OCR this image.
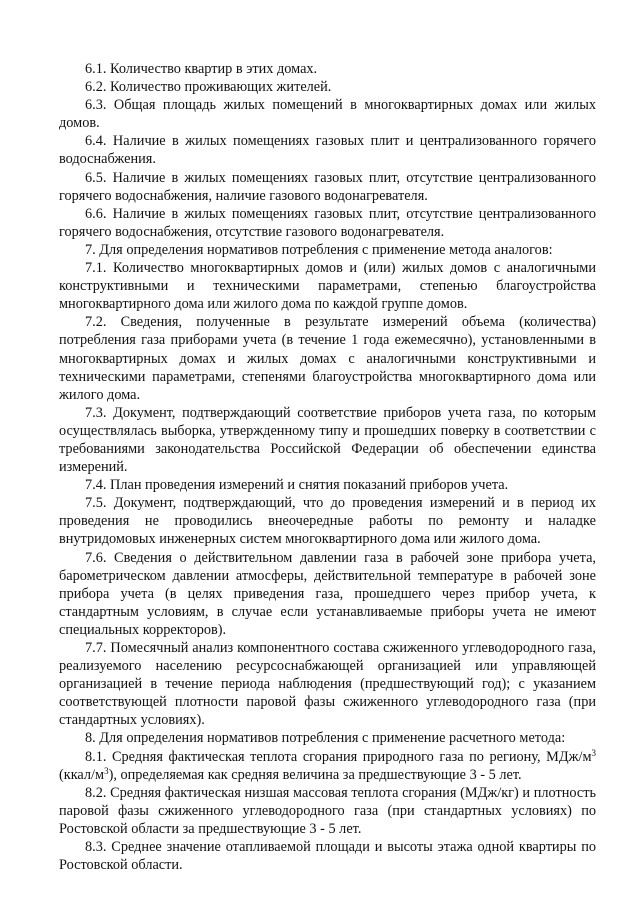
6.1. Количество квартир в этих домах.

6.2. Количество проживающих жителей.

6.3. Общая площадь жилых помещений в многоквартирных домах или жилых домов.

6.4. Наличие в жилых помещениях газовых плит и централизованного горячего водоснабжения.

6.5. Наличие в жилых помещениях газовых плит, отсутствие централизованного горячего водоснабжения, наличие газового водонагревателя.

6.6. Наличие в жилых помещениях газовых плит, отсутствие централизованного горячего водоснабжения, отсутствие газового водонагревателя.

7. Для определения нормативов потребления с применение метода аналогов:

7.1. Количество многоквартирных домов и (или) жилых домов с аналогичными конструктивными и техническими параметрами, степенью благоустройства многоквартирного дома или жилого дома по каждой группе домов.

7.2. Сведения, полученные в результате измерений объема (количества) потребления газа приборами учета (в течение 1 года ежемесячно), установленными в многоквартирных домах и жилых домах с аналогичными конструктивными и техническими параметрами, степенями благоустройства многоквартирного дома или жилого дома.

7.3. Документ, подтверждающий соответствие приборов учета газа, по которым осуществлялась выборка, утвержденному типу и прошедших поверку в соответствии с требованиями законодательства Российской Федерации об обеспечении единства измерений.

7.4. План проведения измерений и снятия показаний приборов учета.

7.5. Документ, подтверждающий, что до проведения измерений и в период их проведения не проводились внеочередные работы по ремонту и наладке внутридомовых инженерных систем многоквартирного дома или жилого дома.

7.6. Сведения о действительном давлении газа в рабочей зоне прибора учета, барометрическом давлении атмосферы, действительной температуре в рабочей зоне прибора учета (в целях приведения газа, прошедшего через прибор учета, к стандартным условиям, в случае если устанавливаемые приборы учета не имеют специальных корректоров).

7.7. Помесячный анализ компонентного состава сжиженного углеводородного газа, реализуемого населению ресурсоснабжающей организацией или управляющей организацией в течение периода наблюдения (предшествующий год); с указанием соответствующей плотности паровой фазы сжиженного углеводородного газа (при стандартных условиях).

8. Для определения нормативов потребления с применение расчетного метода:

8.1. Средняя фактическая теплота сгорания природного газа по региону, МДж/$м^3$ $(ккал/м^3)$, определяемая как средняя величина за предшествующие 3 - 5 лет.

8.2. Средняя фактическая низшая массовая теплота сгорания (МДж/кг) и плотность паровой фазы сжиженного углеводородного газа (при стандартных условиях) по Ростовской области за предшествующие 3 - 5 лет.

8.3. Среднее значение отапливаемой площади и высоты этажа одной квартиры по Ростовской области.
